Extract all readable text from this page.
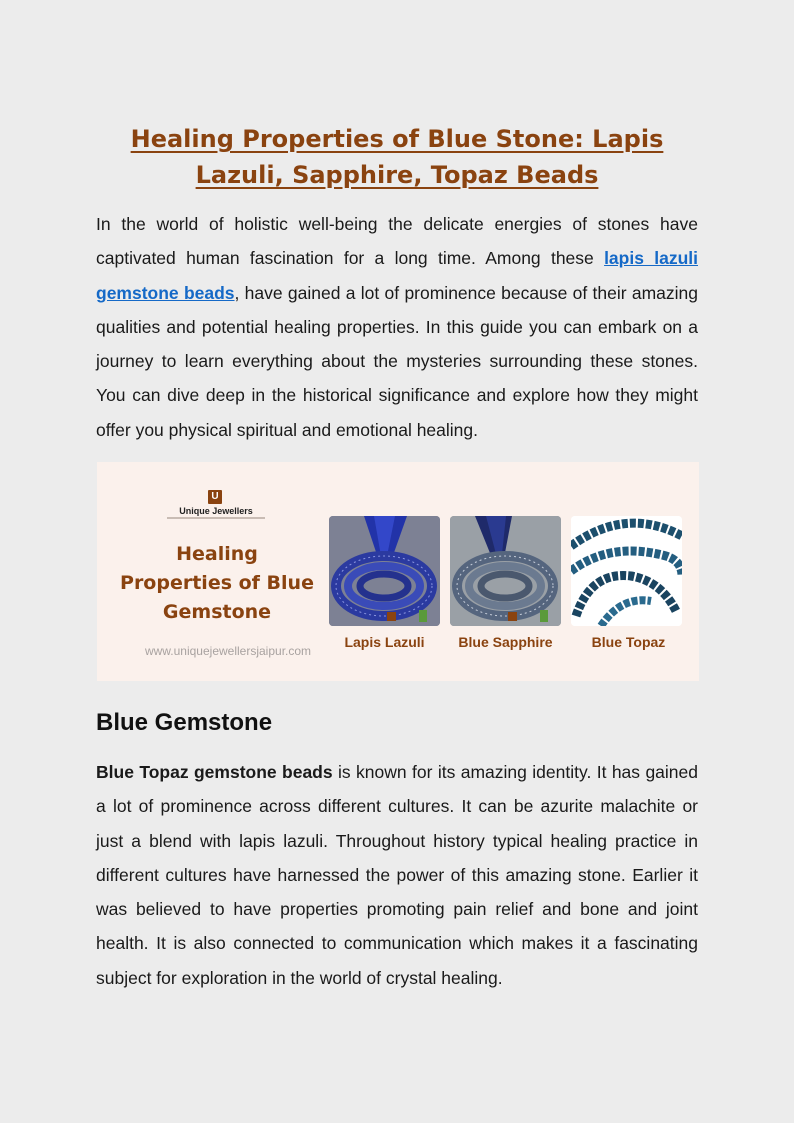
Healing Properties of Blue Stone: Lapis Lazuli, Sapphire, Topaz Beads

In the world of holistic well-being the delicate energies of stones have captivated human fascination for a long time. Among these lapis lazuli gemstone beads, have gained a lot of prominence because of their amazing qualities and potential healing properties. In this guide you can embark on a journey to learn everything about the mysteries surrounding these stones. You can dive deep in the historical significance and explore how they might offer you physical spiritual and emotional healing.

U
Unique Jewellers
Healing Properties of Blue Gemstone
www.uniquejewellersjaipur.com
Lapis Lazuli	Blue Sapphire	Blue Topaz
Blue Gemstone

Blue Topaz gemstone beads is known for its amazing identity. It has gained a lot of prominence across different cultures. It can be azurite malachite or just a blend with lapis lazuli. Throughout history typical healing practice in different cultures have harnessed the power of this amazing stone. Earlier it was believed to have properties promoting pain relief and bone and joint health. It is also connected to communication which makes it a fascinating subject for exploration in the world of crystal healing.
